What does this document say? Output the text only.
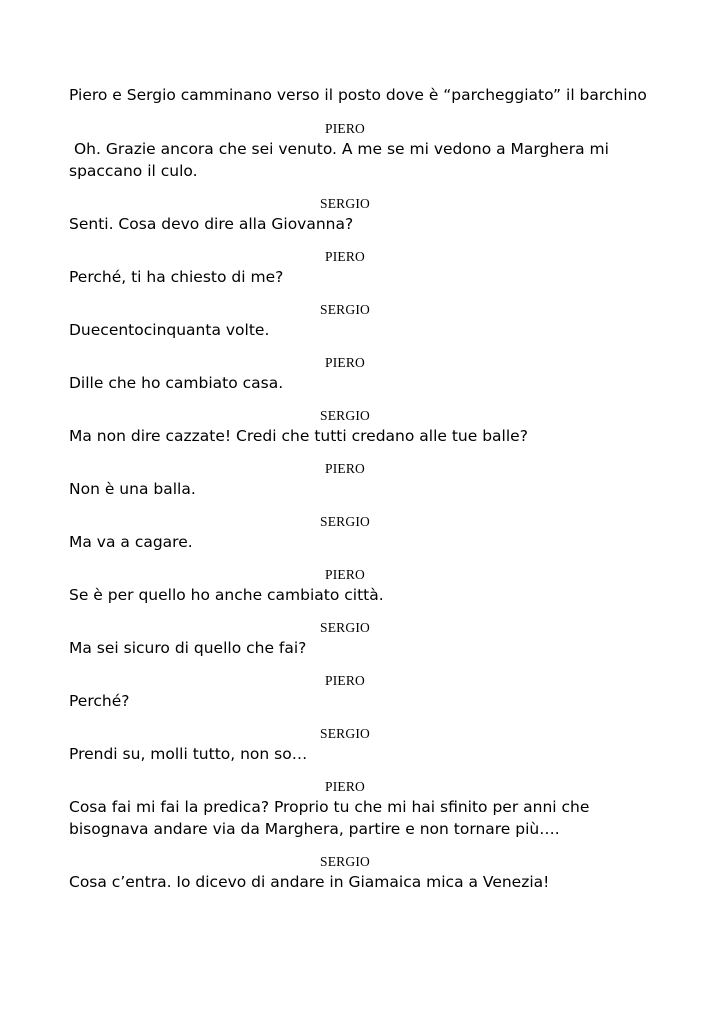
Piero e Sergio camminano verso il posto dove è “parcheggiato” il barchino

PIERO

Oh. Grazie ancora che sei venuto. A me se mi vedono a Marghera mi spaccano il culo.

SERGIO

Senti. Cosa devo dire alla Giovanna?

PIERO

Perché, ti ha chiesto di me?

SERGIO

Duecentocinquanta volte.

PIERO

Dille che ho cambiato casa.

SERGIO

Ma non dire cazzate! Credi che tutti credano alle tue balle?

PIERO

Non è una balla.

SERGIO

Ma va a cagare.

PIERO

Se è per quello ho anche cambiato città.

SERGIO

Ma sei sicuro di quello che fai?

PIERO

Perché?

SERGIO

Prendi su, molli tutto, non so…

PIERO

Cosa fai mi fai la predica? Proprio tu che mi hai sfinito per anni che bisognava andare via da Marghera, partire e non tornare più….

SERGIO

Cosa c’entra. Io dicevo di andare in Giamaica mica a Venezia!
